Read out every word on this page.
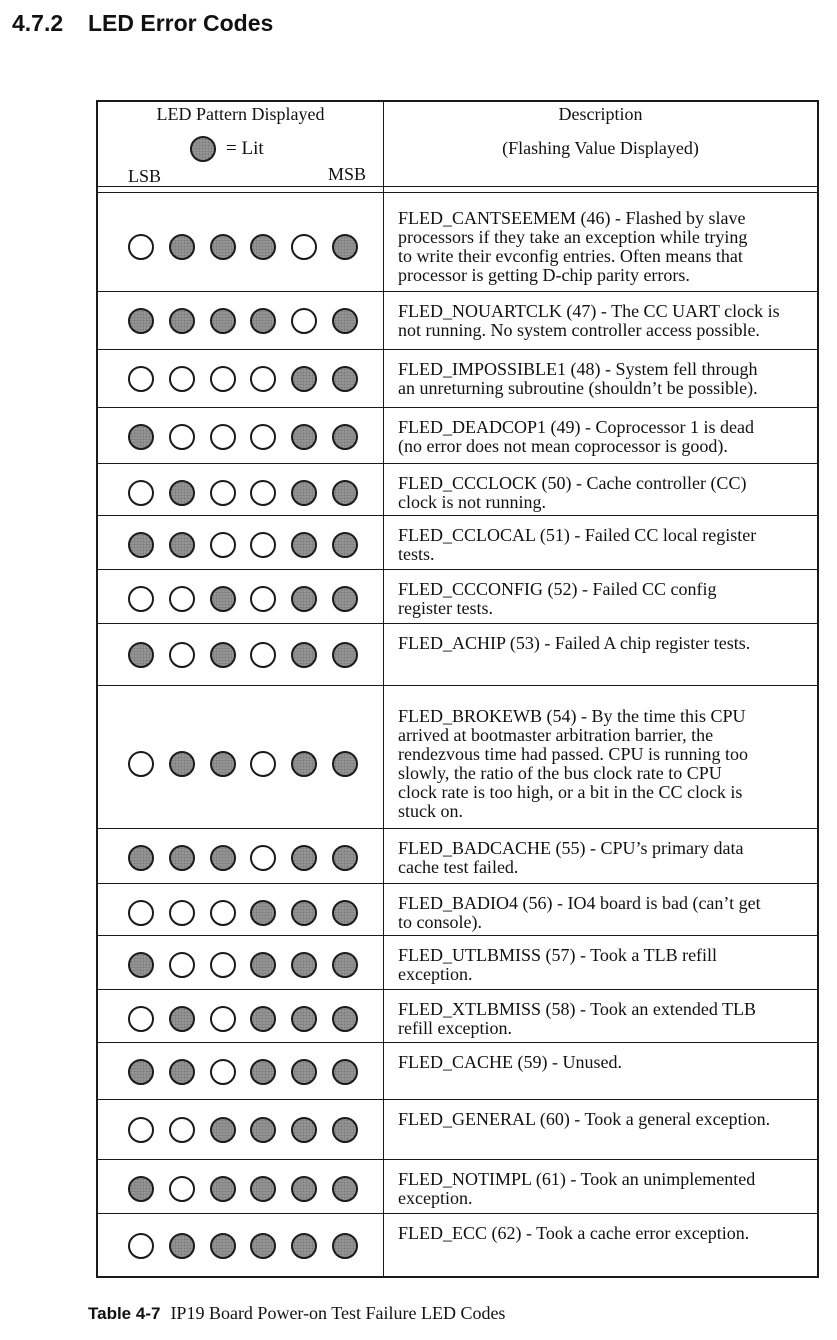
4.7.2 LED Error Codes
LED Pattern Displayed
= Lit
LSB	MSB
Description
(Flashing Value Displayed)
FLED_CANTSEEMEM (46) - Flashed by slave
processors if they take an exception while trying
to write their evconfig entries. Often means that
processor is getting D-chip parity errors.
FLED_NOUARTCLK (47) - The CC UART clock is
not running. No system controller access possible.
FLED_IMPOSSIBLE1 (48) - System fell through
an unreturning subroutine (shouldn’t be possible).
FLED_DEADCOP1 (49) - Coprocessor 1 is dead
(no error does not mean coprocessor is good).
FLED_CCCLOCK (50) - Cache controller (CC)
clock is not running.
FLED_CCLOCAL (51) - Failed CC local register
tests.
FLED_CCCONFIG (52) - Failed CC config
register tests.
FLED_ACHIP (53) - Failed A chip register tests.
FLED_BROKEWB (54) - By the time this CPU
arrived at bootmaster arbitration barrier, the
rendezvous time had passed. CPU is running too
slowly, the ratio of the bus clock rate to CPU
clock rate is too high, or a bit in the CC clock is
stuck on.
FLED_BADCACHE (55) - CPU’s primary data
cache test failed.
FLED_BADIO4 (56) - IO4 board is bad (can’t get
to console).
FLED_UTLBMISS (57) - Took a TLB refill
exception.
FLED_XTLBMISS (58) - Took an extended TLB
refill exception.
FLED_CACHE (59) - Unused.
FLED_GENERAL (60) - Took a general exception.
FLED_NOTIMPL (61) - Took an unimplemented
exception.
FLED_ECC (62) - Took a cache error exception.
Table 4-7 IP19 Board Power-on Test Failure LED Codes
